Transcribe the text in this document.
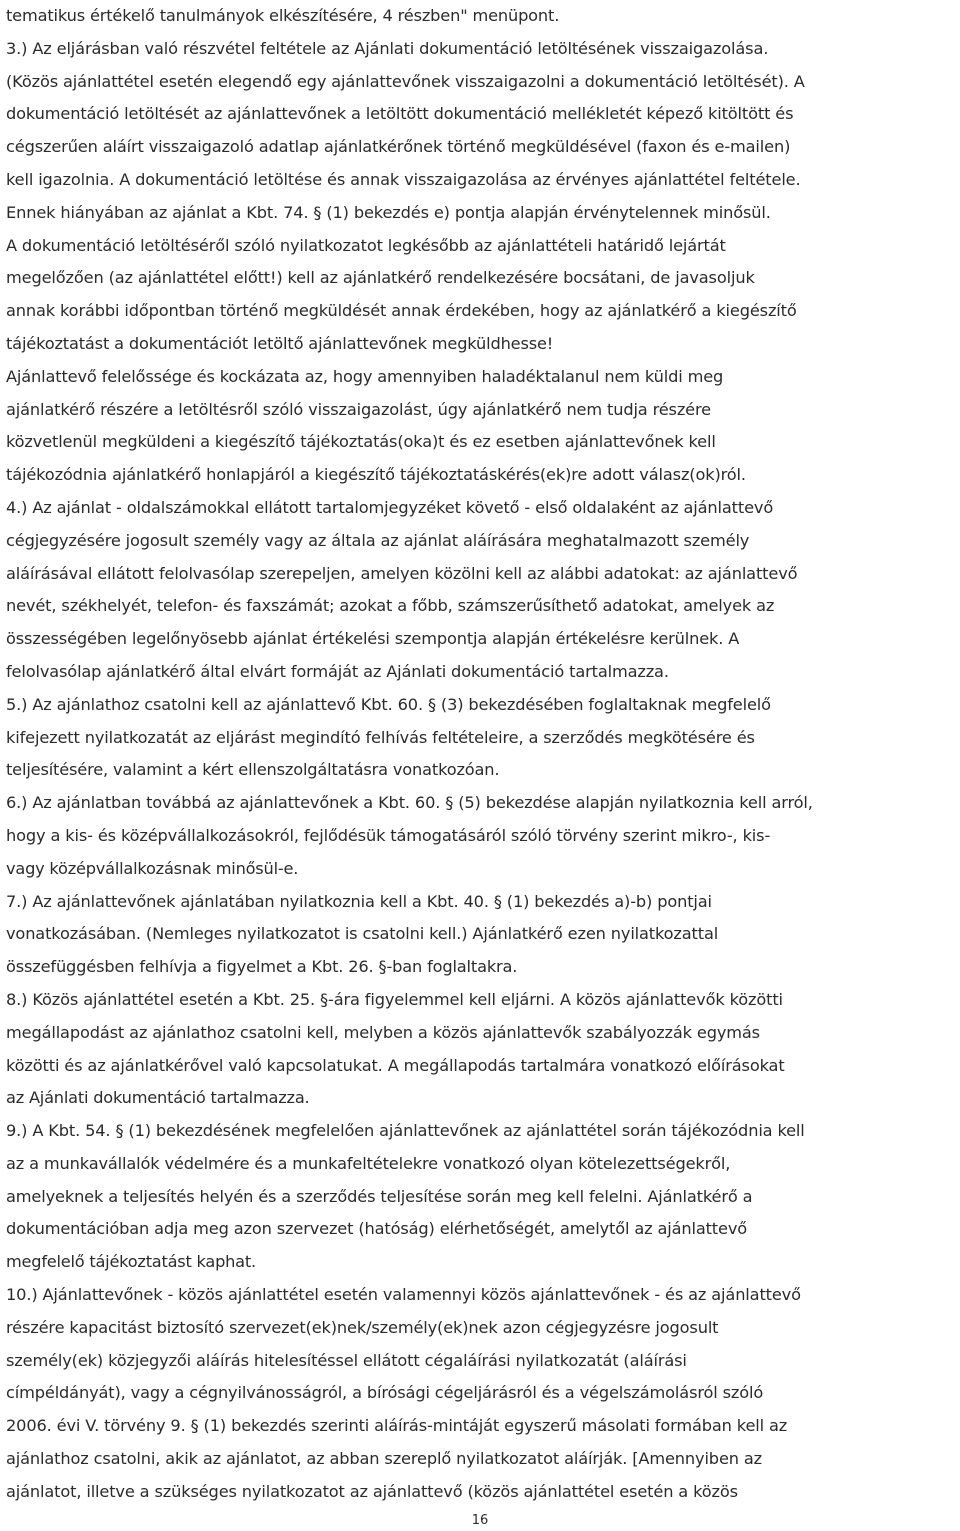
tematikus értékelő tanulmányok elkészítésére, 4 részben" menüpont.
3.) Az eljárásban való részvétel feltétele az Ajánlati dokumentáció letöltésének visszaigazolása.
(Közös ajánlattétel esetén elegendő egy ajánlattevőnek visszaigazolni a dokumentáció letöltését). A
dokumentáció letöltését az ajánlattevőnek a letöltött dokumentáció mellékletét képező kitöltött és
cégszerűen aláírt visszaigazoló adatlap ajánlatkérőnek történő megküldésével (faxon és e-mailen)
kell igazolnia. A dokumentáció letöltése és annak visszaigazolása az érvényes ajánlattétel feltétele.
Ennek hiányában az ajánlat a Kbt. 74. § (1) bekezdés e) pontja alapján érvénytelennek minősül.
A dokumentáció letöltéséről szóló nyilatkozatot legkésőbb az ajánlattételi határidő lejártát
megelőzően (az ajánlattétel előtt!) kell az ajánlatkérő rendelkezésére bocsátani, de javasoljuk
annak korábbi időpontban történő megküldését annak érdekében, hogy az ajánlatkérő a kiegészítő
tájékoztatást a dokumentációt letöltő ajánlattevőnek megküldhesse!
Ajánlattevő felelőssége és kockázata az, hogy amennyiben haladéktalanul nem küldi meg
ajánlatkérő részére a letöltésről szóló visszaigazolást, úgy ajánlatkérő nem tudja részére
közvetlenül megküldeni a kiegészítő tájékoztatás(oka)t és ez esetben ajánlattevőnek kell
tájékozódnia ajánlatkérő honlapjáról a kiegészítő tájékoztatáskérés(ek)re adott válasz(ok)ról.
4.) Az ajánlat - oldalszámokkal ellátott tartalomjegyzéket követő - első oldalaként az ajánlattevő
cégjegyzésére jogosult személy vagy az általa az ajánlat aláírására meghatalmazott személy
aláírásával ellátott felolvasólap szerepeljen, amelyen közölni kell az alábbi adatokat: az ajánlattevő
nevét, székhelyét, telefon- és faxszámát; azokat a főbb, számszerűsíthető adatokat, amelyek az
összességében legelőnyösebb ajánlat értékelési szempontja alapján értékelésre kerülnek. A
felolvasólap ajánlatkérő által elvárt formáját az Ajánlati dokumentáció tartalmazza.
5.) Az ajánlathoz csatolni kell az ajánlattevő Kbt. 60. § (3) bekezdésében foglaltaknak megfelelő
kifejezett nyilatkozatát az eljárást megindító felhívás feltételeire, a szerződés megkötésére és
teljesítésére, valamint a kért ellenszolgáltatásra vonatkozóan.
6.) Az ajánlatban továbbá az ajánlattevőnek a Kbt. 60. § (5) bekezdése alapján nyilatkoznia kell arról,
hogy a kis- és középvállalkozásokról, fejlődésük támogatásáról szóló törvény szerint mikro-, kis-
vagy középvállalkozásnak minősül-e.
7.) Az ajánlattevőnek ajánlatában nyilatkoznia kell a Kbt. 40. § (1) bekezdés a)-b) pontjai
vonatkozásában. (Nemleges nyilatkozatot is csatolni kell.) Ajánlatkérő ezen nyilatkozattal
összefüggésben felhívja a figyelmet a Kbt. 26. §-ban foglaltakra.
8.) Közös ajánlattétel esetén a Kbt. 25. §-ára figyelemmel kell eljárni. A közös ajánlattevők közötti
megállapodást az ajánlathoz csatolni kell, melyben a közös ajánlattevők szabályozzák egymás
közötti és az ajánlatkérővel való kapcsolatukat. A megállapodás tartalmára vonatkozó előírásokat
az Ajánlati dokumentáció tartalmazza.
9.) A Kbt. 54. § (1) bekezdésének megfelelően ajánlattevőnek az ajánlattétel során tájékozódnia kell
az a munkavállalók védelmére és a munkafeltételekre vonatkozó olyan kötelezettségekről,
amelyeknek a teljesítés helyén és a szerződés teljesítése során meg kell felelni. Ajánlatkérő a
dokumentációban adja meg azon szervezet (hatóság) elérhetőségét, amelytől az ajánlattevő
megfelelő tájékoztatást kaphat.
10.) Ajánlattevőnek - közös ajánlattétel esetén valamennyi közös ajánlattevőnek - és az ajánlattevő
részére kapacitást biztosító szervezet(ek)nek/személy(ek)nek azon cégjegyzésre jogosult
személy(ek) közjegyzői aláírás hitelesítéssel ellátott cégaláírási nyilatkozatát (aláírási
címpéldányát), vagy a cégnyilvánosságról, a bírósági cégeljárásról és a végelszámolásról szóló
2006. évi V. törvény 9. § (1) bekezdés szerinti aláírás-mintáját egyszerű másolati formában kell az
ajánlathoz csatolni, akik az ajánlatot, az abban szereplő nyilatkozatot aláírják. [Amennyiben az
ajánlatot, illetve a szükséges nyilatkozatot az ajánlattevő (közös ajánlattétel esetén a közös
16
